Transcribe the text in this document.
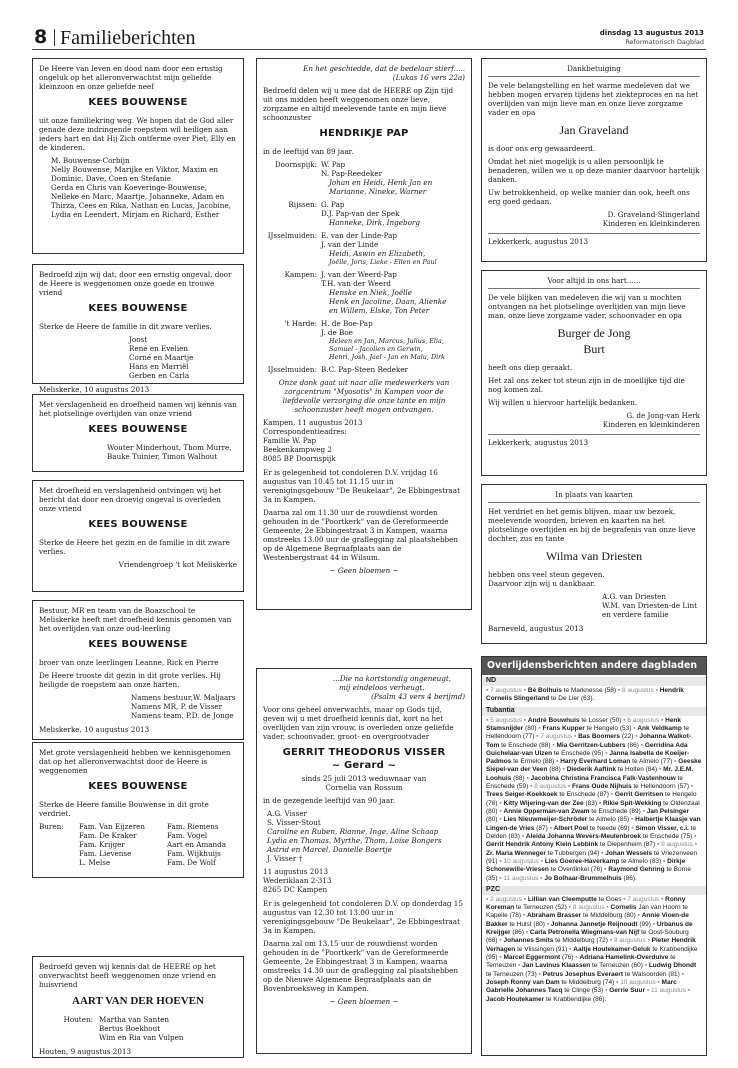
8 Familieberichten	dinsdag 13 augustus 2013
Reformatorisch Dagblad

De Heere van leven en dood nam door een ernstig ongeluk op het alleronverwachtst mijn geliefde kleinzoon en onze geliefde neef

KEES BOUWENSE

uit onze familiekring weg. We hopen dat de God aller genade deze indringende roepstem wil heiligen aan ieders hart en dat Hij Zich ontferme over Piet, Elly en de kinderen.

M. Bouwense-Corbijn

Nelly Bouwense, Marijke en Viktor, Maxim en Dominic, Dave, Coen en Stefanie

Gerda en Chris van Koeveringe-Bouwense, Nelleke en Marc, Maartje, Johanneke, Adam en Thirza, Cees en Rika, Nathan en Lucas, Jacobine, Lydia en Leendert, Mirjam en Richard, Esther

Bedroefd zijn wij dat, door een ernstig ongeval, door de Heere is weggenomen onze goede en trouwe vriend

KEES BOUWENSE

Sterke de Heere de familie in dit zware verlies.

Joost
René en Evelien
Corné en Maartje
Hans en Marriël
Gerben en Carla
Meliskerke, 10 augustus 2013

Met verslagenheid en droefheid namen wij kennis van het plotselinge overlijden van onze vriend

KEES BOUWENSE
Wouter Minderhout, Thom Murre,
Bauke Tuinier, Timon Walhout

Met droefheid en verslagenheid ontvingen wij het bericht dat door een droevig ongeval is overleden onze vriend

KEES BOUWENSE

Sterke de Heere het gezin en de familie in dit zware verlies.

Vriendengroep 't kot Meliskerke

Bestuur, MR en team van de Boazschool te Meliskerke heeft met droefheid kennis genomen van het overlijden van onze oud-leerling

KEES BOUWENSE

broer van onze leerlingen Leanne, Rick en Pierre

De Heere trooste dit gezin in dit grote verlies. Hij heiligde de roepstem aan onze harten.

Namens bestuur,W. Maljaars
Namens MR, P. de Visser
Namens team, P.D. de Jonge
Meliskerke, 10 augustus 2013

Met grote verslagenheid hebben we kennisgenomen dat op het alleronverwachtst door de Heere is weggenomen

KEES BOUWENSE

Sterke de Heere familie Bouwense in dit grote verdriet.

Buren:	Fam. Van Eijzeren
Fam. De Kraker
Fam. Krijger
Fam. Lievense
L. Melse
Fam. Riemens
Fam. Vogel
Aart en Amanda
Fam. Wijkhuijs
Fam. De Wolf

Bedroefd geven wij kennis dat de HEERE op het onverwachtst heeft weggenomen onze vriend en huisvriend

AART VAN DER HOEVEN
Houten: Martha van Santen
Bertus Boekhout
Wim en Ria van Vulpen
Houten, 9 augustus 2013
En het geschiedde, dat de bedelaar stierf.....

(Lukas 16 vers 22a)

Bedroefd delen wij u mee dat de HEERE op Zijn tijd uit ons midden heeft weggenomen onze lieve, zorgzame en altijd meelevende tante en mijn lieve schoonzuster

HENDRIKJE PAP

in de leeftijd van 89 jaar.

Doornspijk: W. Pap
N. Pap-Reedeker
Johan en Heidi, Henk Jan en
Marianne, Nineke, Warner
Rijssen: G. Pap
D.J. Pap-van der Spek
Hanneke, Dirk, Ingeborg
IJsselmuiden: E. van der Linde-Pap
J. van der Linde
Heidi, Aswin en Elizabeth,
Joëlle, Joris, Lieke - Ellen en Paul
Kampen: J. van der Weerd-Pap
T.H. van der Weerd
Henske en Niek, Joëlle
Henk en Jacoline, Daan, Alienke
en Willem, Elske, Ton Peter
't Harde: H. de Boe-Pap
J. de Boe
Heleen en Jan, Marcus, Julius, Elia,
Samuel - Jacolien en Gerwin,
Henri, Josh, Jael - Jan en Malu, Dirk
IJsselmuiden: B.C. Pap-Steen Redeker

Onze dank gaat uit naar alle medewerkers van zorgcentrum "Myosotis" in Kampen voor de liefdevolle verzorging die onze tante en mijn schoonzuster heeft mogen ontvangen.

Kampen, 11 augustus 2013
Correspondentieadres:
Familie W. Pap
Beekenkampweg 2
8085 BP Doornspijk

Er is gelegenheid tot condoleren D.V. vrijdag 16 augustus van 10.45 tot 11.15 uur in verenigingsgebouw "De Beukelaar", 2e Ebbingestraat 3a in Kampen.

Daarna zal om 11.30 uur de rouwdienst worden gehouden in de "Poortkerk" van de Gereformeerde Gemeente, 2e Ebbingestraat 3 in Kampen, waarna omstreeks 13.00 uur de graflegging zal plaatshebben op de Algemene Begraafplaats aan de Westenbergstraat 44 in Wilsum.

~ Geen bloemen ~
...Die na kortstondig ongeneugt,
mij eindeloos verheugt.

(Psalm 43 vers 4 berijmd)

Voor ons geheel onverwachts, maar op Gods tijd, geven wij u met droefheid kennis dat, kort na het overlijden van zijn vrouw, is overleden onze geliefde vader, schoonvader, groot- en overgrootvader

GERRIT THEODORUS VISSER
~ Gerard ~
sinds 25 juli 2013 weduwnaar van

Cornelia van Rossum

in de gezegende leeftijd van 90 jaar.

A.G. Visser
S. Visser-Stout
Caroline en Ruben, Rianne, Inge, Aline Schaap
Lydia en Thomas, Myrthe, Thom, Loïse Bongers
Astrid en Marcel, Danielle Boertje
J. Visser †
11 augustus 2013
Wederiklaan 2-313
8265 DC Kampen

Er is gelegenheid tot condoleren D.V. op donderdag 15 augustus van 12.30 tot 13.00 uur in verenigingsgebouw "De Beukelaar", 2e Ebbingestraat 3a in Kampen.

Daarna zal om 13.15 uur de rouwdienst worden gehouden in de "Poortkerk" van de Gereformeerde Gemeente, 2e Ebbingestraat 3 in Kampen, waarna omstreeks 14.30 uur de graflegging zal plaatshebben op de Nieuwe Algemene Begraafplaats aan de Bovenbroeksweg in Kampen.

~ Geen bloemen ~

Dankbetuiging

De vele belangstelling en het warme medeleven dat we hebben mogen ervaren tijdens het ziekteproces en na het overlijden van mijn lieve man en onze lieve zorgzame vader en opa

Jan Graveland

is door ons erg gewaardeerd.

Omdat het niet mogelijk is u allen persoonlijk te benaderen, willen we u op deze manier daarvoor hartelijk danken.

Uw betrokkenheid, op welke manier dan ook, heeft ons erg goed gedaan.

D. Graveland-Slingerland
Kinderen en kleinkinderen
Lekkerkerk, augustus 2013

Voor altijd in ons hart......

De vele blijken van medeleven die wij van u mochten ontvangen na het plotselinge overlijden van mijn lieve man, onze lieve zorgzame vader, schoonvader en opa

Burger de Jong
Burt

heeft ons diep geraakt.

Het zal ons zeker tot steun zijn in de moeilijke tijd die nog komen zal.

Wij willen u hiervoor hartelijk bedanken.

G. de Jong-van Herk
Kinderen en kleinkinderen
Lekkerkerk, augustus 2013

In plaats van kaarten

Het verdriet en het gemis blijven, maar uw bezoek, meelevende woorden, brieven en kaarten na het plotselinge overlijden en bij de begrafenis van onze lieve dochter, zus en tante

Wilma van Driesten
hebben ons veel steun gegeven.

Daarvoor zijn wij u dankbaar.

A.G. van Driesten
W.M. van Driesten-de Lint
en verdere familie
Barneveld, augustus 2013
Overlijdensberichten andere dagbladen
ND
▪ 7 augustus ▪ Bé Bolhuis te Marknesse (58) ▪ 8 augustus ▪ Hendrik Cornelis Slingerland te De Lier (63).
Tubantia
▪ 5 augustus ▪ André Bouwhuis te Losser (50) ▪ 6 augustus ▪ Henk Stamsnijder (80) ▪ Frans Kupper te Hengelo (53) ▪ Ank Veldkamp te Hellendoorn (77) ▪ 7 augustus ▪ Bas Boomers (22) ▪ Johanna Walkot-Tom te Enschede (88) ▪ Mia Gerritzen-Lubbers (86) ▪ Gerridina Ada Guichelaar-van Ulzen te Enschede (95) ▪ Janna Isabella de Koeijer-Padmos te Ermelo (88) ▪ Harry Everhard Loman te Almelo (77) ▪ Geeske Siepel-van der Veen (88) ▪ Diederik Aaftink te Holten (84) ▪ Mr. J.E.M. Loohuis (88) ▪ Jacobina Christina Francisca Falk-Vastenhouw te Enschede (59) ▪ 8 augustus ▪ Frans Oude Nijhuis te Hellendoorn (57) ▪ Trees Seiger-Koekkoek te Enschede (87) ▪ Gerrit Gerritsen te Hengelo (78) ▪ Kitty Wijering-van der Zee (83) ▪ Rikie Spit-Wekking te Oldenzaal (80) ▪ Annie Opperman-van Zwam te Enschede (89) ▪ Jan Pelsinger (80) ▪ Lies Nieuwmeijer-Schröder te Almelo (85) ▪ Halbertje Klaasje van Lingen-de Vries (87) ▪ Albert Poel te Neede (69) ▪ Simon Visser, c.i. te Delden (83) ▪ Aleida Johanna Wevers-Meulenbroek te Enschede (75) ▪ Gerrit Hendrik Antony Klein Lebbink te Diepenheim (87) ▪ 9 augustus ▪ Zr. Maria Wenneger te Tubbergen (94) ▪ Johan Wessels te Vriezenveen (91) ▪ 10 augustus ▪ Lies Goeree-Haverkamp te Almelo (83) ▪ Dirkje Schonewille-Vriesen te Overdinkel (76) ▪ Raymond Gehring te Borne (35) ▪ 11 augustus ▪ Jo Bolhaar-Brummelhuis (86).
PZC
▪ 2 augustus ▪ Lillian van Cleemputte te Goes ▪ 7 augustus ▪ Ronny Koreman te Terneuzen (52) ▪ 8 augustus ▪ Cornelis Jan van Hoorn te Kapelle (78) ▪ Abraham Brasser te Middelburg (80) ▪ Annie Vioen-de Bakker te Hulst (80) ▪ Johanna Jannetje Reijnoudt (99) ▪ Urbanus de Kreijger (86) ▪ Carla Petronella Wiegmans-van Nijf te Oost-Souburg (66) ▪ Johannes Smits te Middelburg (72) ▪ 9 augustus ▪ Pieter Hendrik Verhagen te Vlissingen (91) ▪ Aaltje Houtekamer-Geluk te Krabbendijke (95) ▪ Marcel Eggermont (76) ▪ Adriana Hamelink-Overduive te Terneuzen ▪ Jan Lavinus Klaassen te Terneuzen (60) ▪ Ludwig Dhondt te Terneuzen (73) ▪ Petrus Josephus Everaert te Walsoorden (81) ▪ Joseph Ronny van Dam te Middelburg (74) ▪ 10 augustus ▪ Marc Gabrielle Johannes Tacq te Clinge (53) ▪ Gerrie Suur ▪ 11 augustus ▪ Jacob Houtekamer te Krabbendijke (86).
